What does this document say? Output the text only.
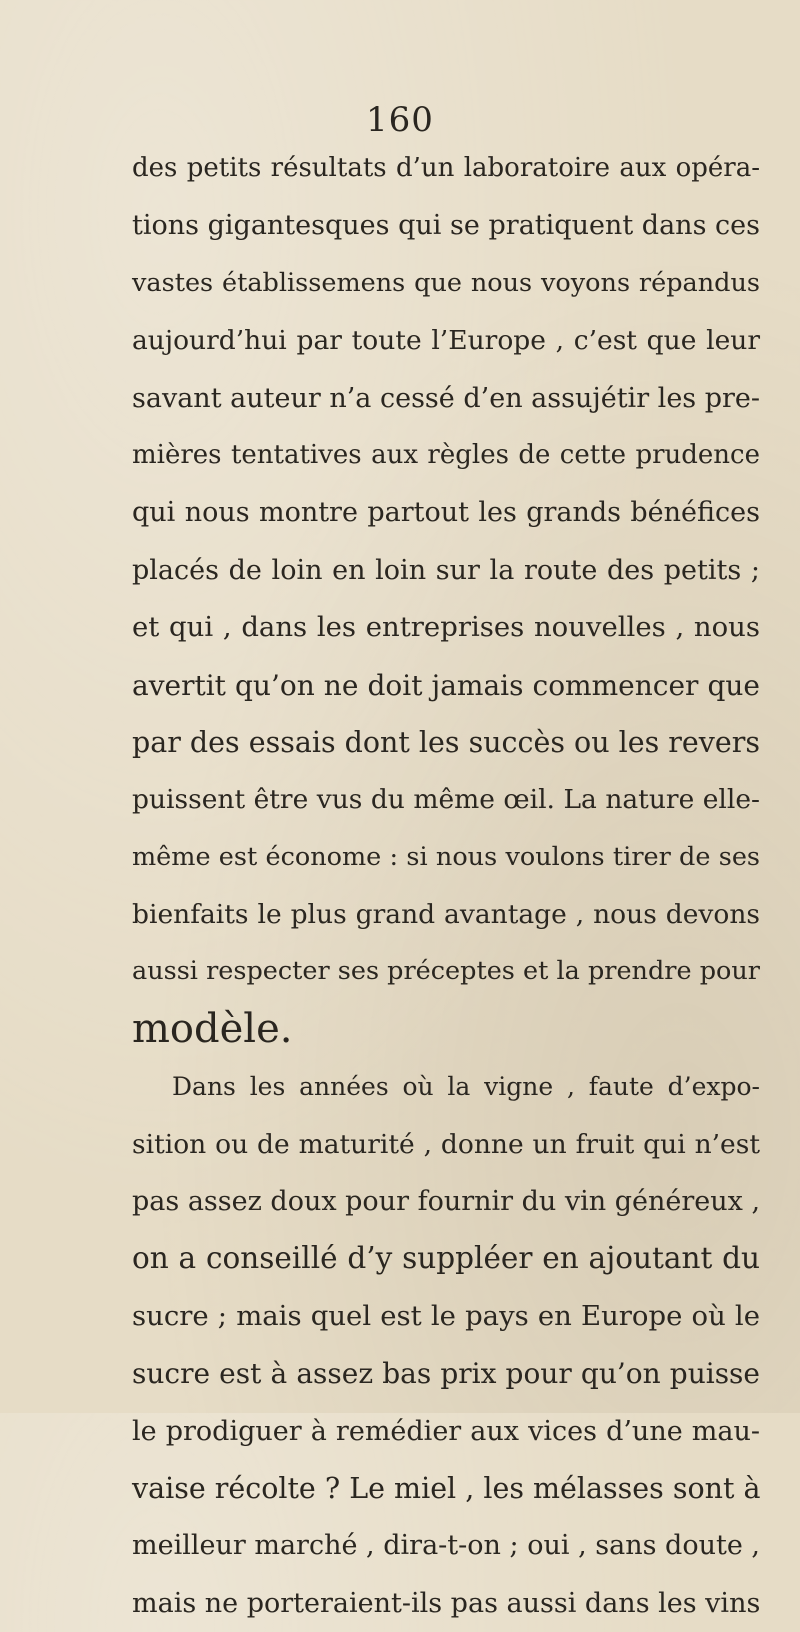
160
des petits résultats d’un laboratoire aux opéra-
tions gigantesques qui se pratiquent dans ces
vastes établissemens que nous voyons répandus
aujourd’hui par toute l’Europe , c’est que leur
savant auteur n’a cessé d’en assujétir les pre-
mières tentatives aux règles de cette prudence
qui nous montre partout les grands bénéfices
placés de loin en loin sur la route des petits ;
et qui , dans les entreprises nouvelles , nous
avertit qu’on ne doit jamais commencer que
par des essais dont les succès ou les revers
puissent être vus du même œil. La nature elle-
même est économe : si nous voulons tirer de ses
bienfaits le plus grand avantage , nous devons
aussi respecter ses préceptes et la prendre pour
modèle.
Dans les années où la vigne , faute d’expo-
sition ou de maturité , donne un fruit qui n’est
pas assez doux pour fournir du vin généreux ,
on a conseillé d’y suppléer en ajoutant du
sucre ; mais quel est le pays en Europe où le
sucre est à assez bas prix pour qu’on puisse
le prodiguer à remédier aux vices d’une mau-
vaise récolte ? Le miel , les mélasses sont à
meilleur marché , dira-t-on ; oui , sans doute ,
mais ne porteraient-ils pas aussi dans les vins
